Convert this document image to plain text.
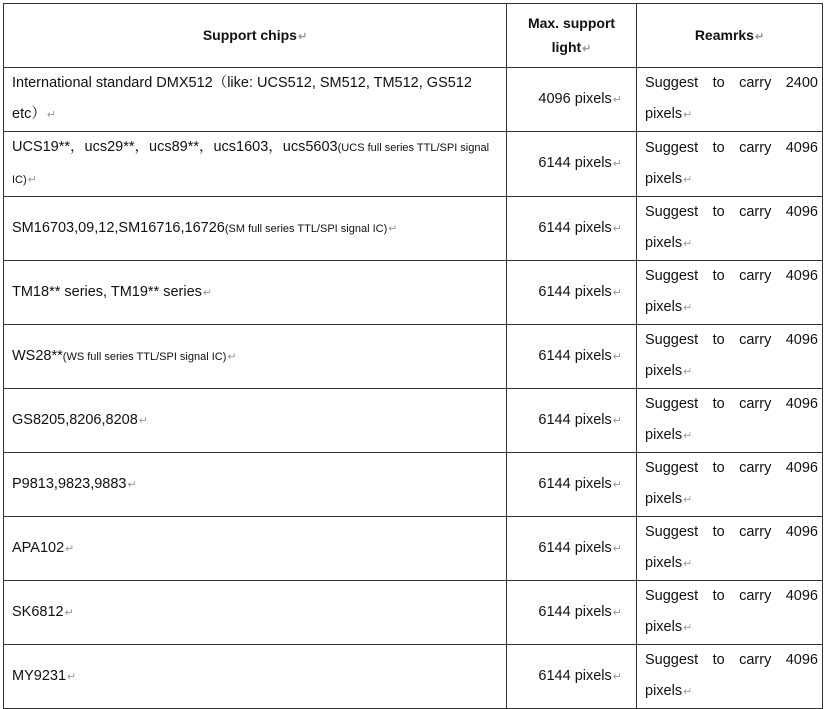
Support chips ↵	Max. support light ↵	Reamrks ↵
International standard DMX512（like: UCS512, SM512, TM512, GS512 etc） ↵	4096 pixels ↵	Suggest to carry 2400 pixels ↵
UCS19**，ucs29**，ucs89**，ucs1603，ucs5603(UCS full series TTL/SPI signal IC) ↵	6144 pixels ↵	Suggest to carry 4096 pixels ↵
SM16703,09,12,SM16716,16726(SM full series TTL/SPI signal IC) ↵	6144 pixels ↵	Suggest to carry 4096 pixels ↵
TM18** series, TM19** series ↵	6144 pixels ↵	Suggest to carry 4096 pixels ↵
WS28**(WS full series TTL/SPI signal IC) ↵	6144 pixels ↵	Suggest to carry 4096 pixels ↵
GS8205,8206,8208 ↵	6144 pixels ↵	Suggest to carry 4096 pixels ↵
P9813,9823,9883 ↵	6144 pixels ↵	Suggest to carry 4096 pixels ↵
APA102 ↵	6144 pixels ↵	Suggest to carry 4096 pixels ↵
SK6812 ↵	6144 pixels ↵	Suggest to carry 4096 pixels ↵
MY9231 ↵	6144 pixels ↵	Suggest to carry 4096 pixels ↵
